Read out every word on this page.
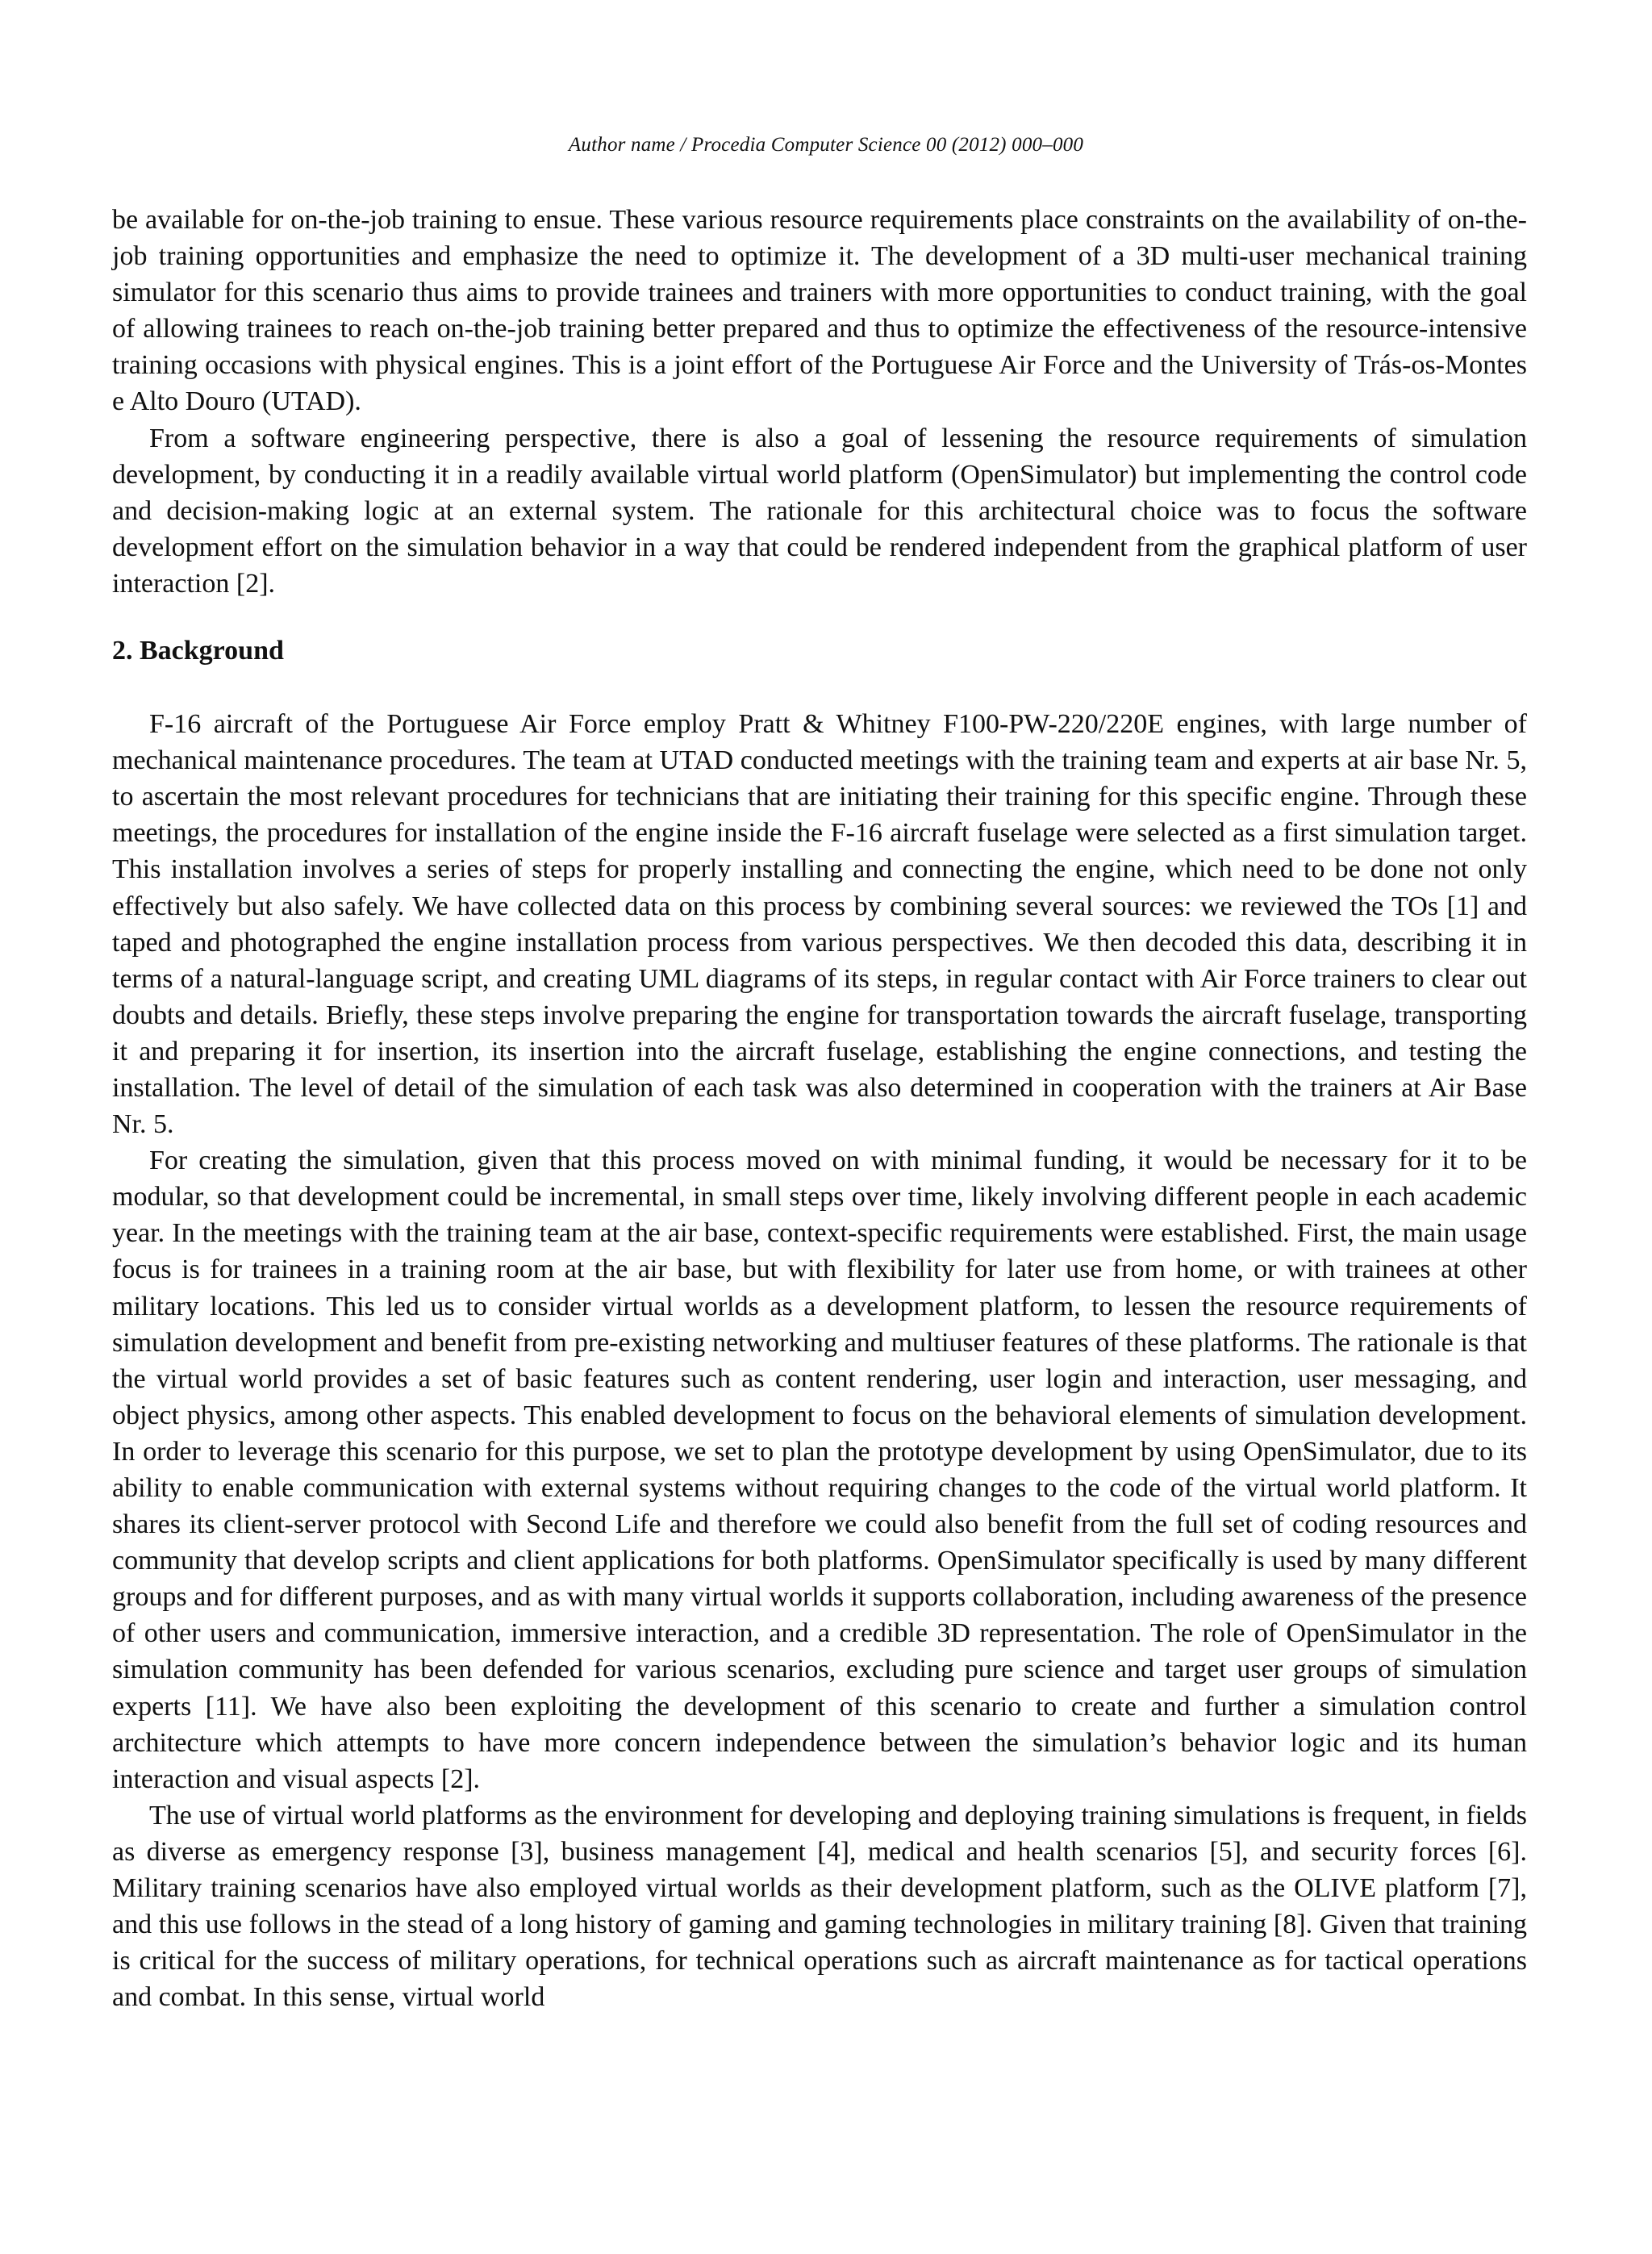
Author name / Procedia Computer Science 00 (2012) 000–000

be available for on-the-job training to ensue. These various resource requirements place constraints on the availability of on-the-job training opportunities and emphasize the need to optimize it. The development of a 3D multi-user mechanical training simulator for this scenario thus aims to provide trainees and trainers with more opportunities to conduct training, with the goal of allowing trainees to reach on-the-job training better prepared and thus to optimize the effectiveness of the resource-intensive training occasions with physical engines. This is a joint effort of the Portuguese Air Force and the University of Trás-os-Montes e Alto Douro (UTAD).

From a software engineering perspective, there is also a goal of lessening the resource requirements of simulation development, by conducting it in a readily available virtual world platform (OpenSimulator) but implementing the control code and decision-making logic at an external system. The rationale for this architectural choice was to focus the software development effort on the simulation behavior in a way that could be rendered independent from the graphical platform of user interaction [2].

2. Background

F-16 aircraft of the Portuguese Air Force employ Pratt & Whitney F100-PW-220/220E engines, with large number of mechanical maintenance procedures. The team at UTAD conducted meetings with the training team and experts at air base Nr. 5, to ascertain the most relevant procedures for technicians that are initiating their training for this specific engine. Through these meetings, the procedures for installation of the engine inside the F-16 aircraft fuselage were selected as a first simulation target. This installation involves a series of steps for properly installing and connecting the engine, which need to be done not only effectively but also safely. We have collected data on this process by combining several sources: we reviewed the TOs [1] and taped and photographed the engine installation process from various perspectives. We then decoded this data, describing it in terms of a natural-language script, and creating UML diagrams of its steps, in regular contact with Air Force trainers to clear out doubts and details. Briefly, these steps involve preparing the engine for transportation towards the aircraft fuselage, transporting it and preparing it for insertion, its insertion into the aircraft fuselage, establishing the engine connections, and testing the installation. The level of detail of the simulation of each task was also determined in cooperation with the trainers at Air Base Nr. 5.

For creating the simulation, given that this process moved on with minimal funding, it would be necessary for it to be modular, so that development could be incremental, in small steps over time, likely involving different people in each academic year. In the meetings with the training team at the air base, context-specific requirements were established. First, the main usage focus is for trainees in a training room at the air base, but with flexibility for later use from home, or with trainees at other military locations. This led us to consider virtual worlds as a development platform, to lessen the resource requirements of simulation development and benefit from pre-existing networking and multiuser features of these platforms. The rationale is that the virtual world provides a set of basic features such as content rendering, user login and interaction, user messaging, and object physics, among other aspects. This enabled development to focus on the behavioral elements of simulation development. In order to leverage this scenario for this purpose, we set to plan the prototype development by using OpenSimulator, due to its ability to enable communication with external systems without requiring changes to the code of the virtual world platform. It shares its client-server protocol with Second Life and therefore we could also benefit from the full set of coding resources and community that develop scripts and client applications for both platforms. OpenSimulator specifically is used by many different groups and for different purposes, and as with many virtual worlds it supports collaboration, including awareness of the presence of other users and communication, immersive interaction, and a credible 3D representation. The role of OpenSimulator in the simulation community has been defended for various scenarios, excluding pure science and target user groups of simulation experts [11]. We have also been exploiting the development of this scenario to create and further a simulation control architecture which attempts to have more concern independence between the simulation’s behavior logic and its human interaction and visual aspects [2].

The use of virtual world platforms as the environment for developing and deploying training simulations is frequent, in fields as diverse as emergency response [3], business management [4], medical and health scenarios [5], and security forces [6]. Military training scenarios have also employed virtual worlds as their development platform, such as the OLIVE platform [7], and this use follows in the stead of a long history of gaming and gaming technologies in military training [8]. Given that training is critical for the success of military operations, for technical operations such as aircraft maintenance as for tactical operations and combat. In this sense, virtual world
